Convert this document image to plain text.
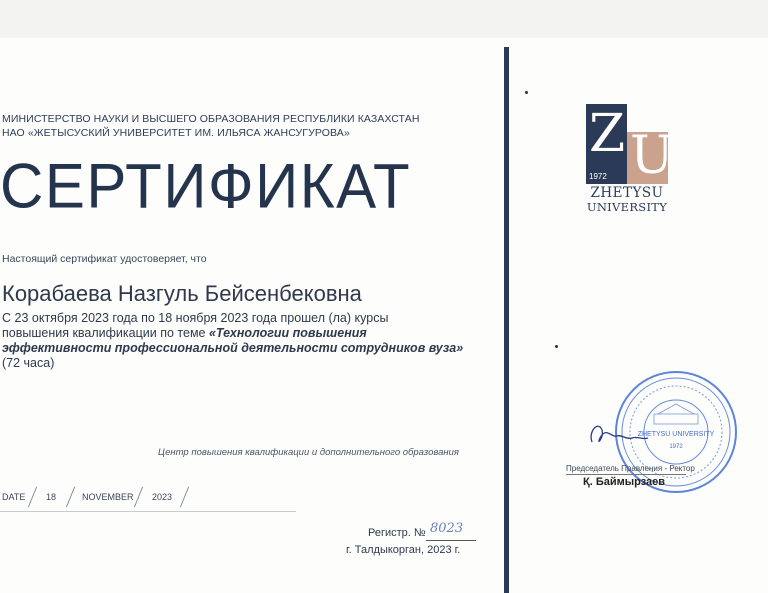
МИНИСТЕРСТВО НАУКИ И ВЫСШЕГО ОБРАЗОВАНИЯ РЕСПУБЛИКИ КАЗАХСТАН
НАО «ЖЕТЫСУСКИЙ УНИВЕРСИТЕТ ИМ. ИЛЬЯСА ЖАНСУГУРОВА»
СЕРТИФИКАТ
Настоящий сертификат удостоверяет, что
Корабаева Назгуль Бейсенбековна
С 23 октября 2023 года по 18 ноября 2023 года прошел (ла) курсы
повышения квалификации по теме «Технологии повышения
эффективности профессиональной деятельности сотрудников вуза»
(72 часа)
Центр повышения квалификации и дополнительного образования
DATE 18	NOVEMBER 2023
Регистр. № 8023
г. Талдыкорган, 2023 г.
Z U
1972
ZHETYSU
UNIVERSITY
ZHETYSU UNIVERSITY
1972
Председатель Правления - Ректор
Қ. Баймырзаев
